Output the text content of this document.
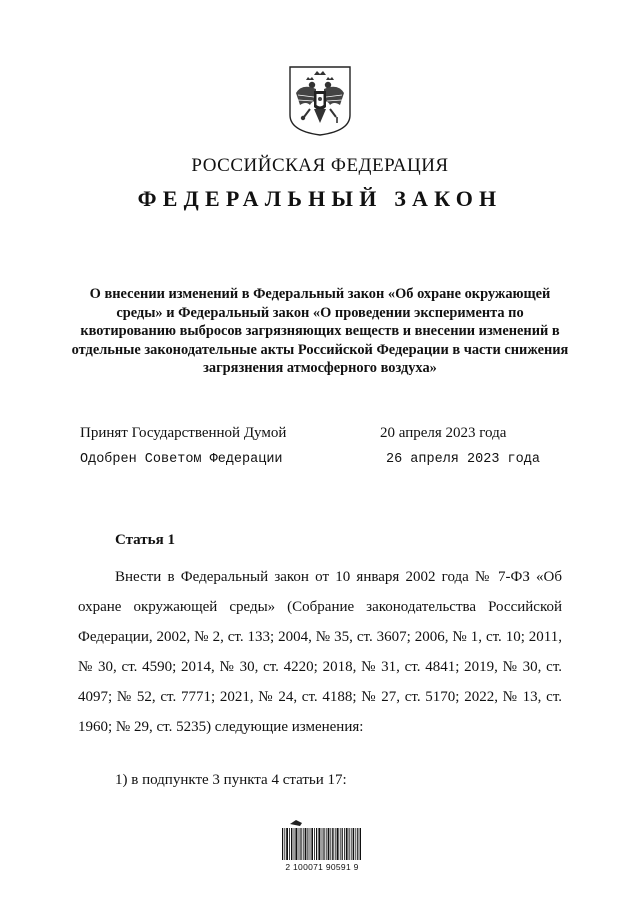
РОССИЙСКАЯ ФЕДЕРАЦИЯ
ФЕДЕРАЛЬНЫЙ ЗАКОН
О внесении изменений в Федеральный закон «Об охране окружающей среды» и Федеральный закон «О проведении эксперимента по квотированию выбросов загрязняющих веществ и внесении изменений в отдельные законодательные акты Российской Федерации в части снижения загрязнения атмосферного воздуха»
Принят Государственной Думой	20 апреля 2023 года
Одобрен Советом Федерации	26 апреля 2023 года
Статья 1

Внести в Федеральный закон от 10 января 2002 года № 7-ФЗ «Об охране окружающей среды» (Собрание законодательства Российской Федерации, 2002, № 2, ст. 133; 2004, № 35, ст. 3607; 2006, № 1, ст. 10; 2011, № 30, ст. 4590; 2014, № 30, ст. 4220; 2018, № 31, ст. 4841; 2019, № 30, ст. 4097; № 52, ст. 7771; 2021, № 24, ст. 4188; № 27, ст. 5170; 2022, № 13, ст. 1960; № 29, ст. 5235) следующие изменения:

1) в подпункте 3 пункта 4 статьи 17:
2 100071 90591 9
